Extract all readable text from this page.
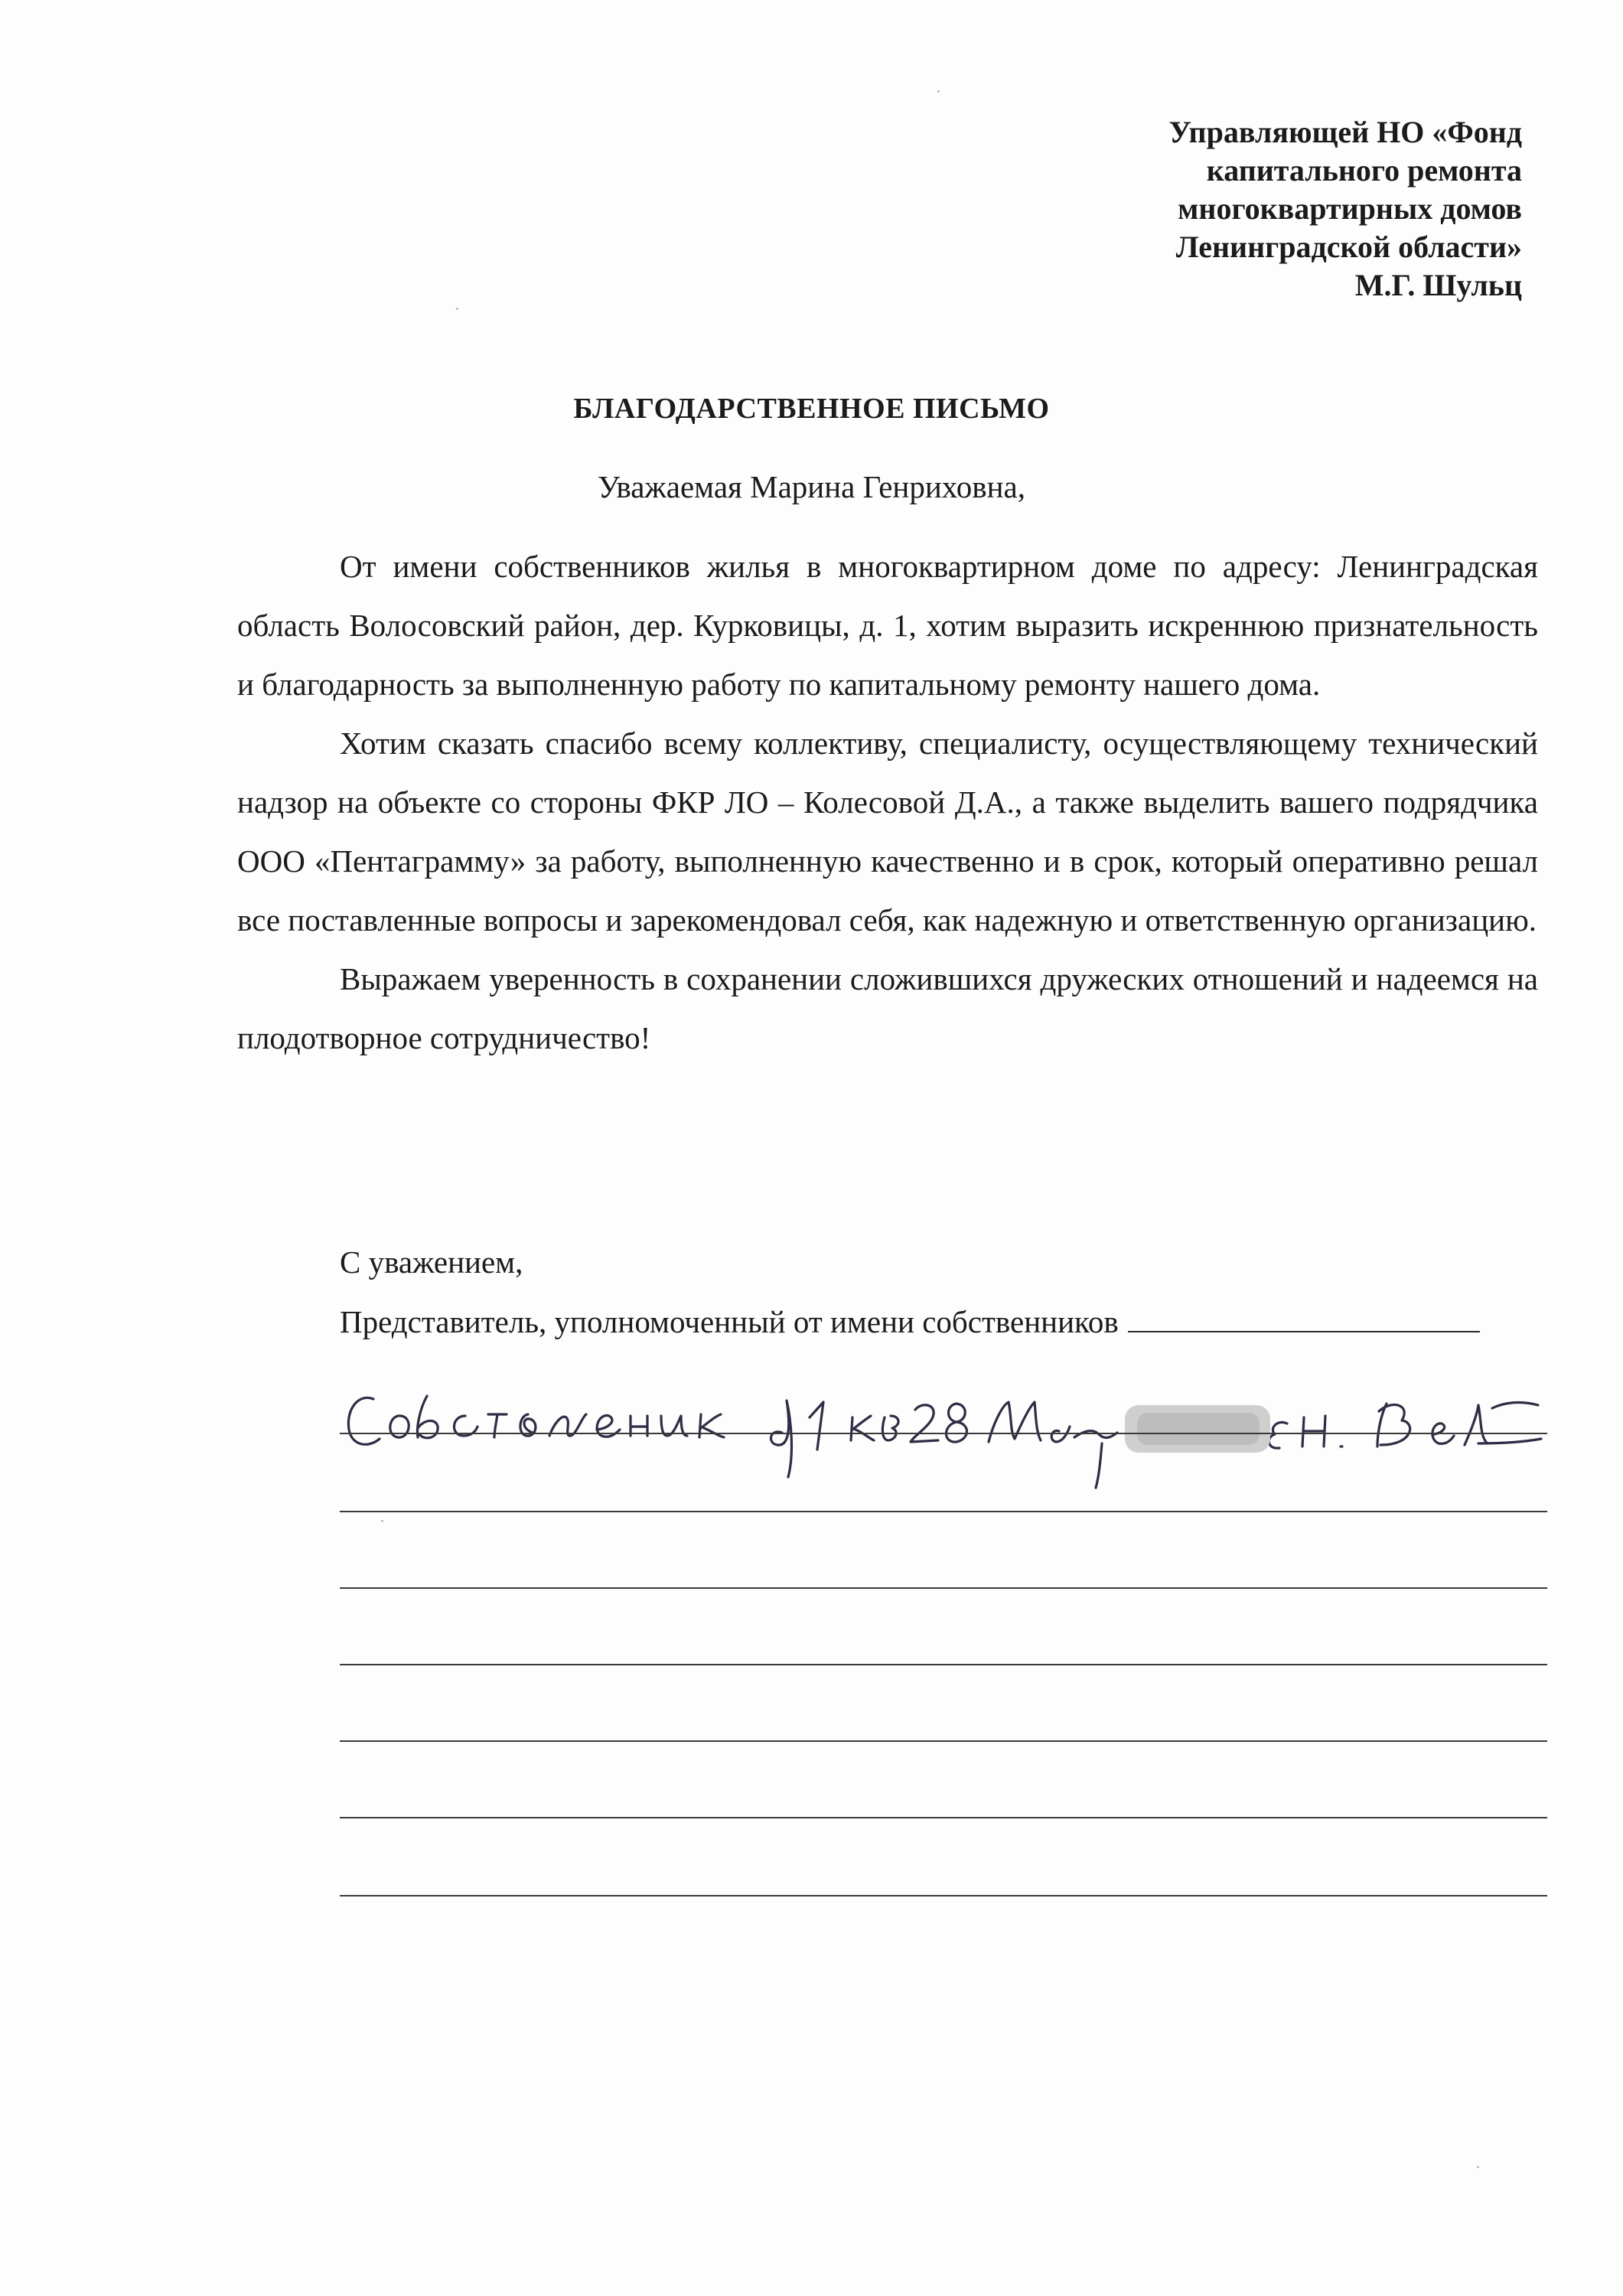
Управляющей НО «Фонд
капитального ремонта
многоквартирных домов
Ленинградской области»
М.Г. Шульц
БЛАГОДАРСТВЕННОЕ ПИСЬМО
Уважаемая Марина Генриховна,

От имени собственников жилья в многоквартирном доме по адресу: Ленинградская область Волосовский район, дер. Курковицы, д. 1, хотим выразить искреннюю признательность и благодарность за выполненную работу по капитальному ремонту нашего дома.

Хотим сказать спасибо всему коллективу, специалисту, осуществляющему технический надзор на объекте со стороны ФКР ЛО – Колесовой Д.А., а также выделить вашего подрядчика ООО «Пентаграмму» за работу, выполненную качественно и в срок, который оперативно решал все поставленные вопросы и зарекомендовал себя, как надежную и ответственную организацию.

Выражаем уверенность в сохранении сложившихся дружеских отношений и надеемся на плодотворное сотрудничество!

С уважением,
Представитель, уполномоченный от имени собственников
